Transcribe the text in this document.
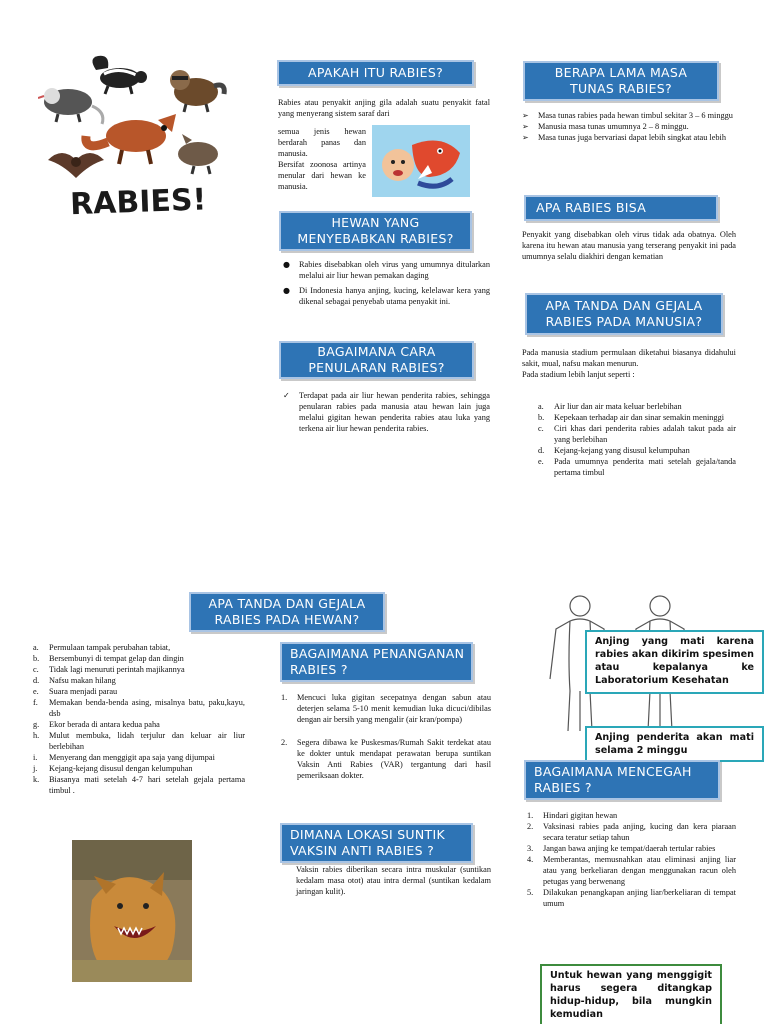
RABIES!
APAKAH ITU RABIES?

Rabies atau penyakit anjing gila adalah suatu penyakit fatal yang menyerang sistem saraf dari

semua jenis hewan berdarah panas dan manusia.

Bersifat zoonosa artinya menular dari hewan ke manusia.

HEWAN YANG MENYEBABKAN RABIES?
● Rabies disebabkan oleh virus yang umumnya ditularkan melalui air liur hewan pemakan daging
● Di Indonesia hanya anjing, kucing, kelelawar kera yang dikenal sebagai penyebab utama penyakit ini.
BAGAIMANA CARA PENULARAN RABIES?
✓ Terdapat pada air liur hewan penderita rabies, sehingga penularan rabies pada manusia atau hewan lain juga melalui gigitan hewan penderita rabies atau luka yang terkena air liur hewan penderita rabies.
BERAPA LAMA MASA TUNAS RABIES?
➢ Masa tunas rabies pada hewan timbul sekitar 3 – 6 minggu
➢ Manusia masa tunas umumnya 2 – 8 minggu.
➢ Masa tunas juga bervariasi dapat lebih singkat atau lebih
APA RABIES BISA

Penyakit yang disebabkan oleh virus tidak ada obatnya. Oleh karena itu hewan atau manusia yang terserang penyakit ini pada umumnya selalu diakhiri dengan kematian

APA TANDA DAN GEJALA RABIES PADA MANUSIA?

Pada manusia stadium permulaan diketahui biasanya didahului sakit, mual, nafsu makan menurun.

Pada stadium lebih lanjut seperti :

a. Air liur dan air mata keluar berlebihan
b. Kepekaan terhadap air dan sinar semakin meninggi
c. Ciri khas dari penderita rabies adalah takut pada air yang berlebihan
d. Kejang-kejang yang disusul kelumpuhan
e. Pada umumnya penderita mati setelah gejala/tanda pertama timbul
APA TANDA DAN GEJALA RABIES PADA HEWAN?
a. Permulaan tampak perubahan tabiat,
b. Bersembunyi di tempat gelap dan dingin
c. Tidak lagi menuruti perintah majikannya
d. Nafsu makan hilang
e. Suara menjadi parau
f. Memakan benda-benda asing, misalnya batu, paku,kayu, dsb
g. Ekor berada di antara kedua paha
h. Mulut membuka, lidah terjulur dan keluar air liur berlebihan
i. Menyerang dan menggigit apa saja yang dijumpai
j. Kejang-kejang disusul dengan kelumpuhan
k. Biasanya mati setelah 4-7 hari setelah gejala pertama timbul .
BAGAIMANA PENANGANAN RABIES ?
1. Mencuci luka gigitan secepatnya dengan sabun atau deterjen selama 5-10 menit kemudian luka dicuci/dibilas dengan air bersih yang mengalir (air kran/pompa)
2. Segera dibawa ke Puskesmas/Rumah Sakit terdekat atau ke dokter untuk mendapat perawatan berupa suntikan Vaksin Anti Rabies (VAR) tergantung dari hasil pemeriksaan dokter.
DIMANA LOKASI SUNTIK VAKSIN ANTI RABIES ?

Vaksin rabies diberikan secara intra muskular (suntikan kedalam masa otot) atau intra dermal (suntikan kedalam jaringan kulit).

Anjing yang mati karena rabies akan dikirim spesimen atau kepalanya ke Laboratorium Kesehatan
Anjing penderita akan mati selama 2 minggu
BAGAIMANA MENCEGAH RABIES ?
1. Hindari gigitan hewan
2. Vaksinasi rabies pada anjing, kucing dan kera piaraan secara teratur setiap tahun
3. Jangan bawa anjing ke tempat/daerah tertular rabies
4. Memberantas, memusnahkan atau eliminasi anjing liar atau yang berkeliaran dengan menggunakan racun oleh petugas yang berwenang
5. Dilakukan penangkapan anjing liar/berkeliaran di tempat umum
Untuk hewan yang menggigit harus segera ditangkap hidup-hidup, bila mungkin kemudian
